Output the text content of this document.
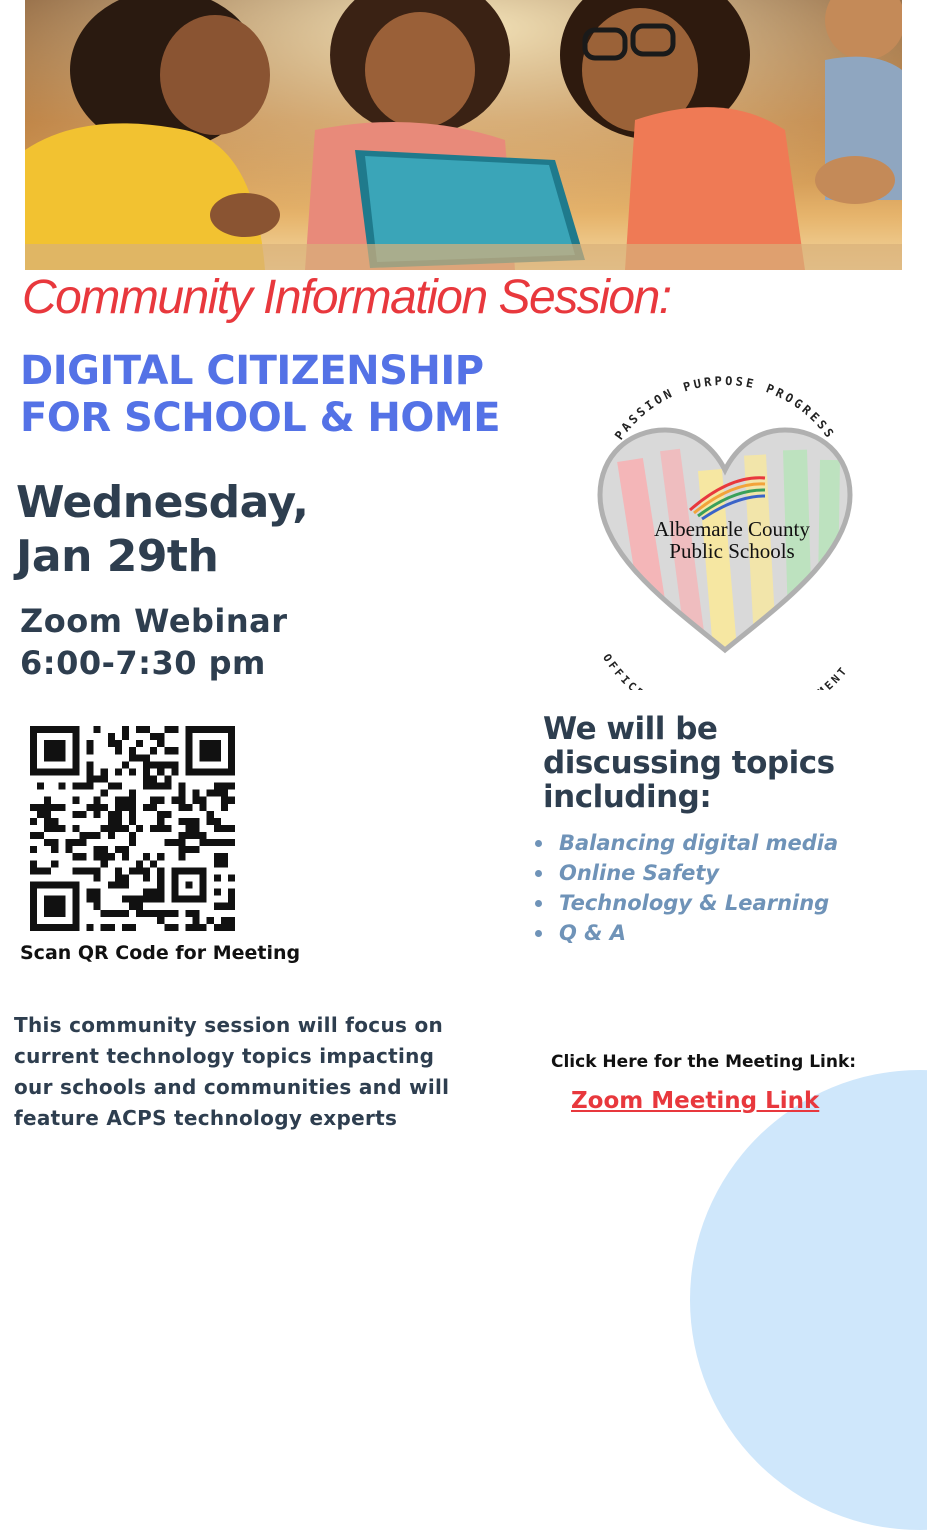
Community Information Session:
DIGITAL CITIZENSHIP
FOR SCHOOL & HOME
Wednesday,
Jan 29th
Zoom Webinar
6:00-7:30 pm
PASSION PURPOSE PROGRESS
Albemarle County
Public Schools
OFFIC ENT
Scan QR Code for Meeting
We will be
discussing topics
including:
Balancing digital media
Online Safety
Technology & Learning
Q & A
This community session will focus on
current technology topics impacting
our schools and communities and will
feature ACPS technology experts
Click Here for the Meeting Link:
Zoom Meeting Link
